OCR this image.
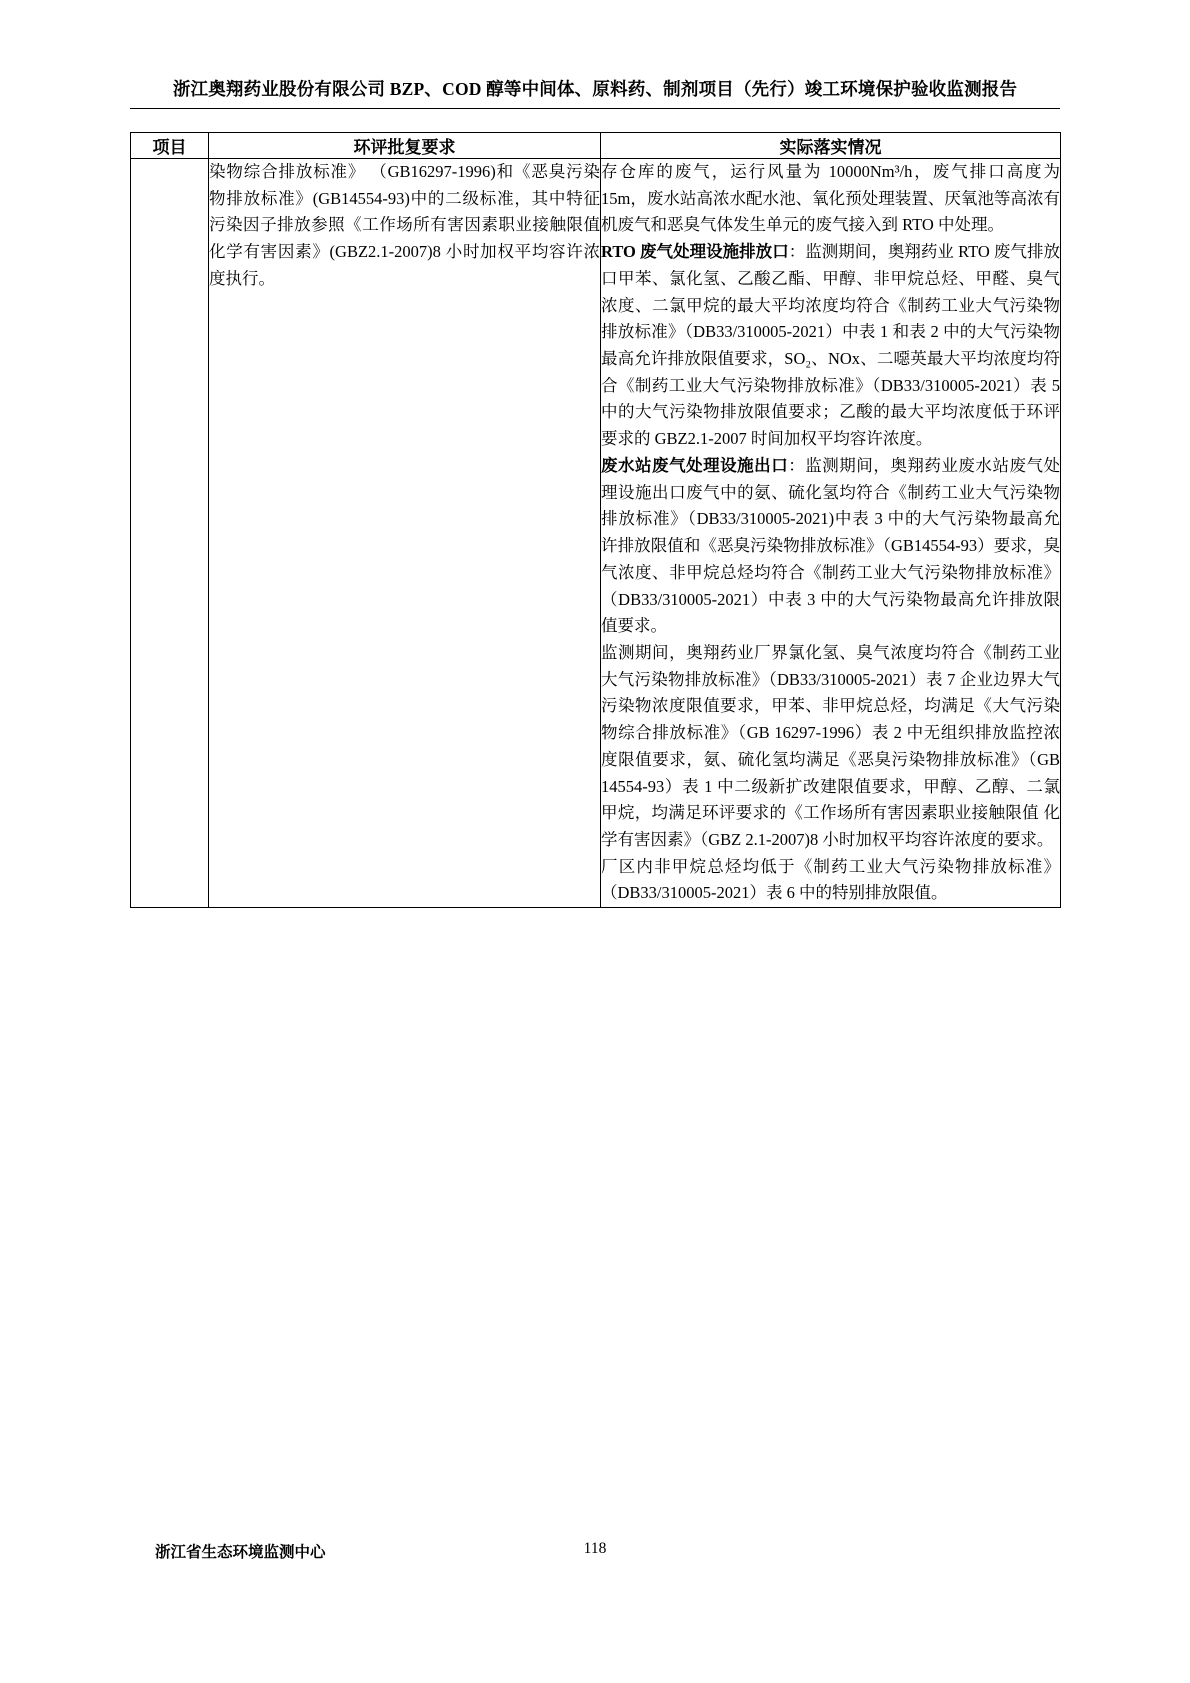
浙江奥翔药业股份有限公司 BZP、COD 醇等中间体、原料药、制剂项目（先行）竣工环境保护验收监测报告
项目	环评批复要求	实际落实情况

	染物综合排放标准》 （GB16297-1996)和《恶臭污染物排放标准》(GB14554-93)中的二级标准，其中特征污染因子排放参照《工作场所有害因素职业接触限值 化学有害因素》(GBZ2.1-2007)8 小时加权平均容许浓度执行。	存仓库的废气，运行风量为 10000Nm³/h，废气排口高度为 15m，废水站高浓水配水池、氧化预处理装置、厌氧池等高浓有机废气和恶臭气体发生单元的废气接入到 RTO 中处理。

RTO 废气处理设施排放口：监测期间，奥翔药业 RTO 废气排放口甲苯、氯化氢、乙酸乙酯、甲醇、非甲烷总烃、甲醛、臭气浓度、二氯甲烷的最大平均浓度均符合《制药工业大气污染物排放标准》（DB33/310005-2021）中表 1 和表 2 中的大气污染物最高允许排放限值要求，SO₂、NOx、二噁英最大平均浓度均符合《制药工业大气污染物排放标准》（DB33/310005-2021）表 5 中的大气污染物排放限值要求；乙酸的最大平均浓度低于环评要求的 GBZ2.1-2007 时间加权平均容许浓度。

废水站废气处理设施出口：监测期间，奥翔药业废水站废气处理设施出口废气中的氨、硫化氢均符合《制药工业大气污染物排放标准》（DB33/310005-2021)中表 3 中的大气污染物最高允许排放限值和《恶臭污染物排放标准》（GB14554-93）要求，臭气浓度、非甲烷总烃均符合《制药工业大气污染物排放标准》（DB33/310005-2021）中表 3 中的大气污染物最高允许排放限值要求。

监测期间，奥翔药业厂界氯化氢、臭气浓度均符合《制药工业大气污染物排放标准》（DB33/310005-2021）表 7 企业边界大气污染物浓度限值要求，甲苯、非甲烷总烃，均满足《大气污染物综合排放标准》（GB 16297-1996）表 2 中无组织排放监控浓度限值要求，氨、硫化氢均满足《恶臭污染物排放标准》（GB 14554-93）表 1 中二级新扩改建限值要求，甲醇、乙醇、二氯甲烷，均满足环评要求的《工作场所有害因素职业接触限值 化学有害因素》（GBZ 2.1-2007)8 小时加权平均容许浓度的要求。

厂区内非甲烷总烃均低于《制药工业大气污染物排放标准》（DB33/310005-2021）表 6 中的特别排放限值。

浙江省生态环境监测中心	118
